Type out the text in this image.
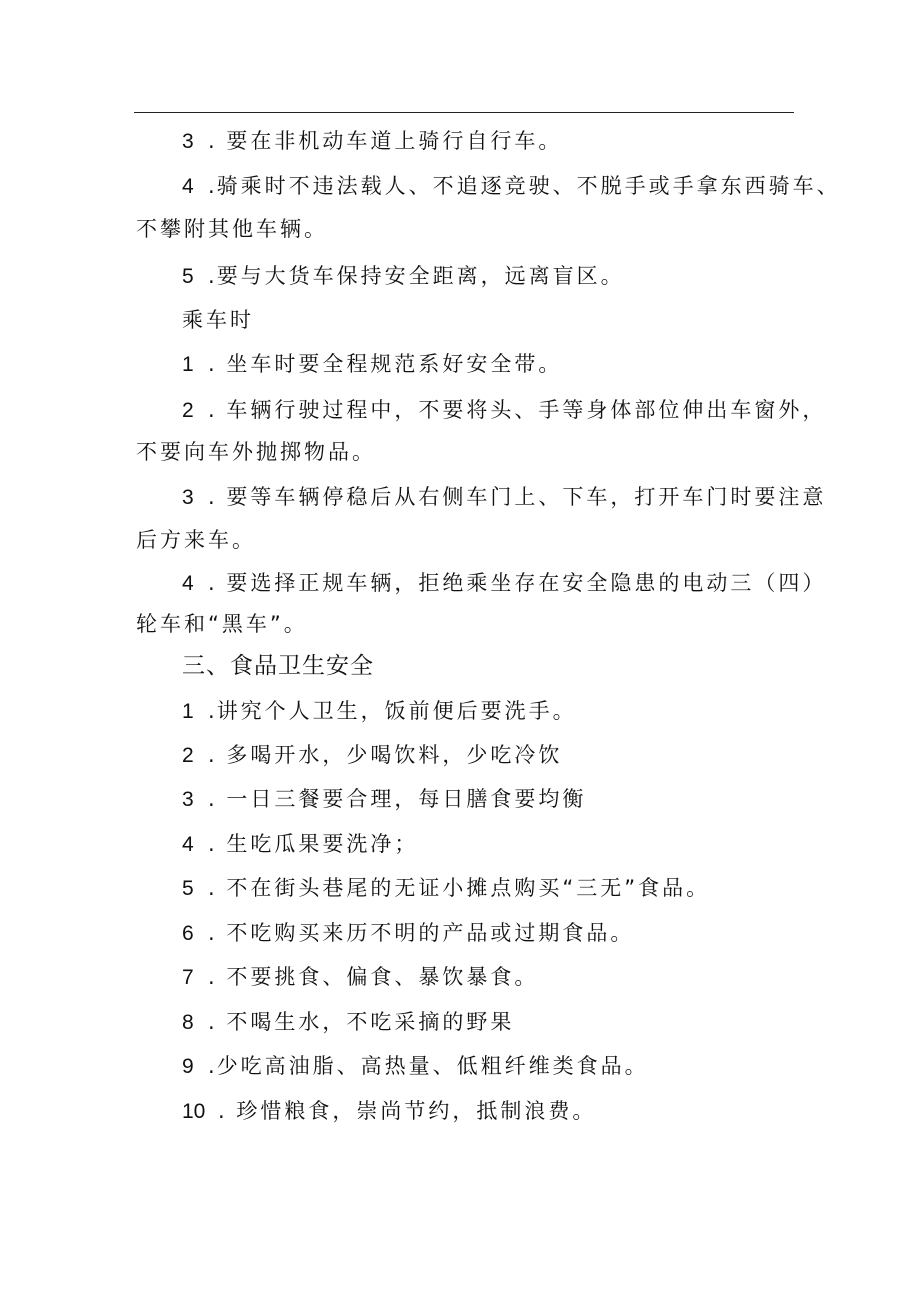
3 . 要在非机动车道上骑行自行车。
4 .骑乘时不违法载人、不追逐竞驶、不脱手或手拿东西骑车、
不攀附其他车辆。
5 .要与大货车保持安全距离，远离盲区。
乘车时
1 . 坐车时要全程规范系好安全带。
2 . 车辆行驶过程中，不要将头、手等身体部位伸出车窗外，
不要向车外抛掷物品。
3 . 要等车辆停稳后从右侧车门上、下车，打开车门时要注意
后方来车。
4 . 要选择正规车辆，拒绝乘坐存在安全隐患的电动三（四）
轮车和“黑车”。
三、食品卫生安全
1 .讲究个人卫生，饭前便后要洗手。
2 . 多喝开水，少喝饮料，少吃冷饮
3 . 一日三餐要合理，每日膳食要均衡
4 . 生吃瓜果要洗净；
5 . 不在街头巷尾的无证小摊点购买“三无”食品。
6 . 不吃购买来历不明的产品或过期食品。
7 . 不要挑食、偏食、暴饮暴食。
8 . 不喝生水，不吃采摘的野果
9 .少吃高油脂、高热量、低粗纤维类食品。
10 . 珍惜粮食，崇尚节约，抵制浪费。
